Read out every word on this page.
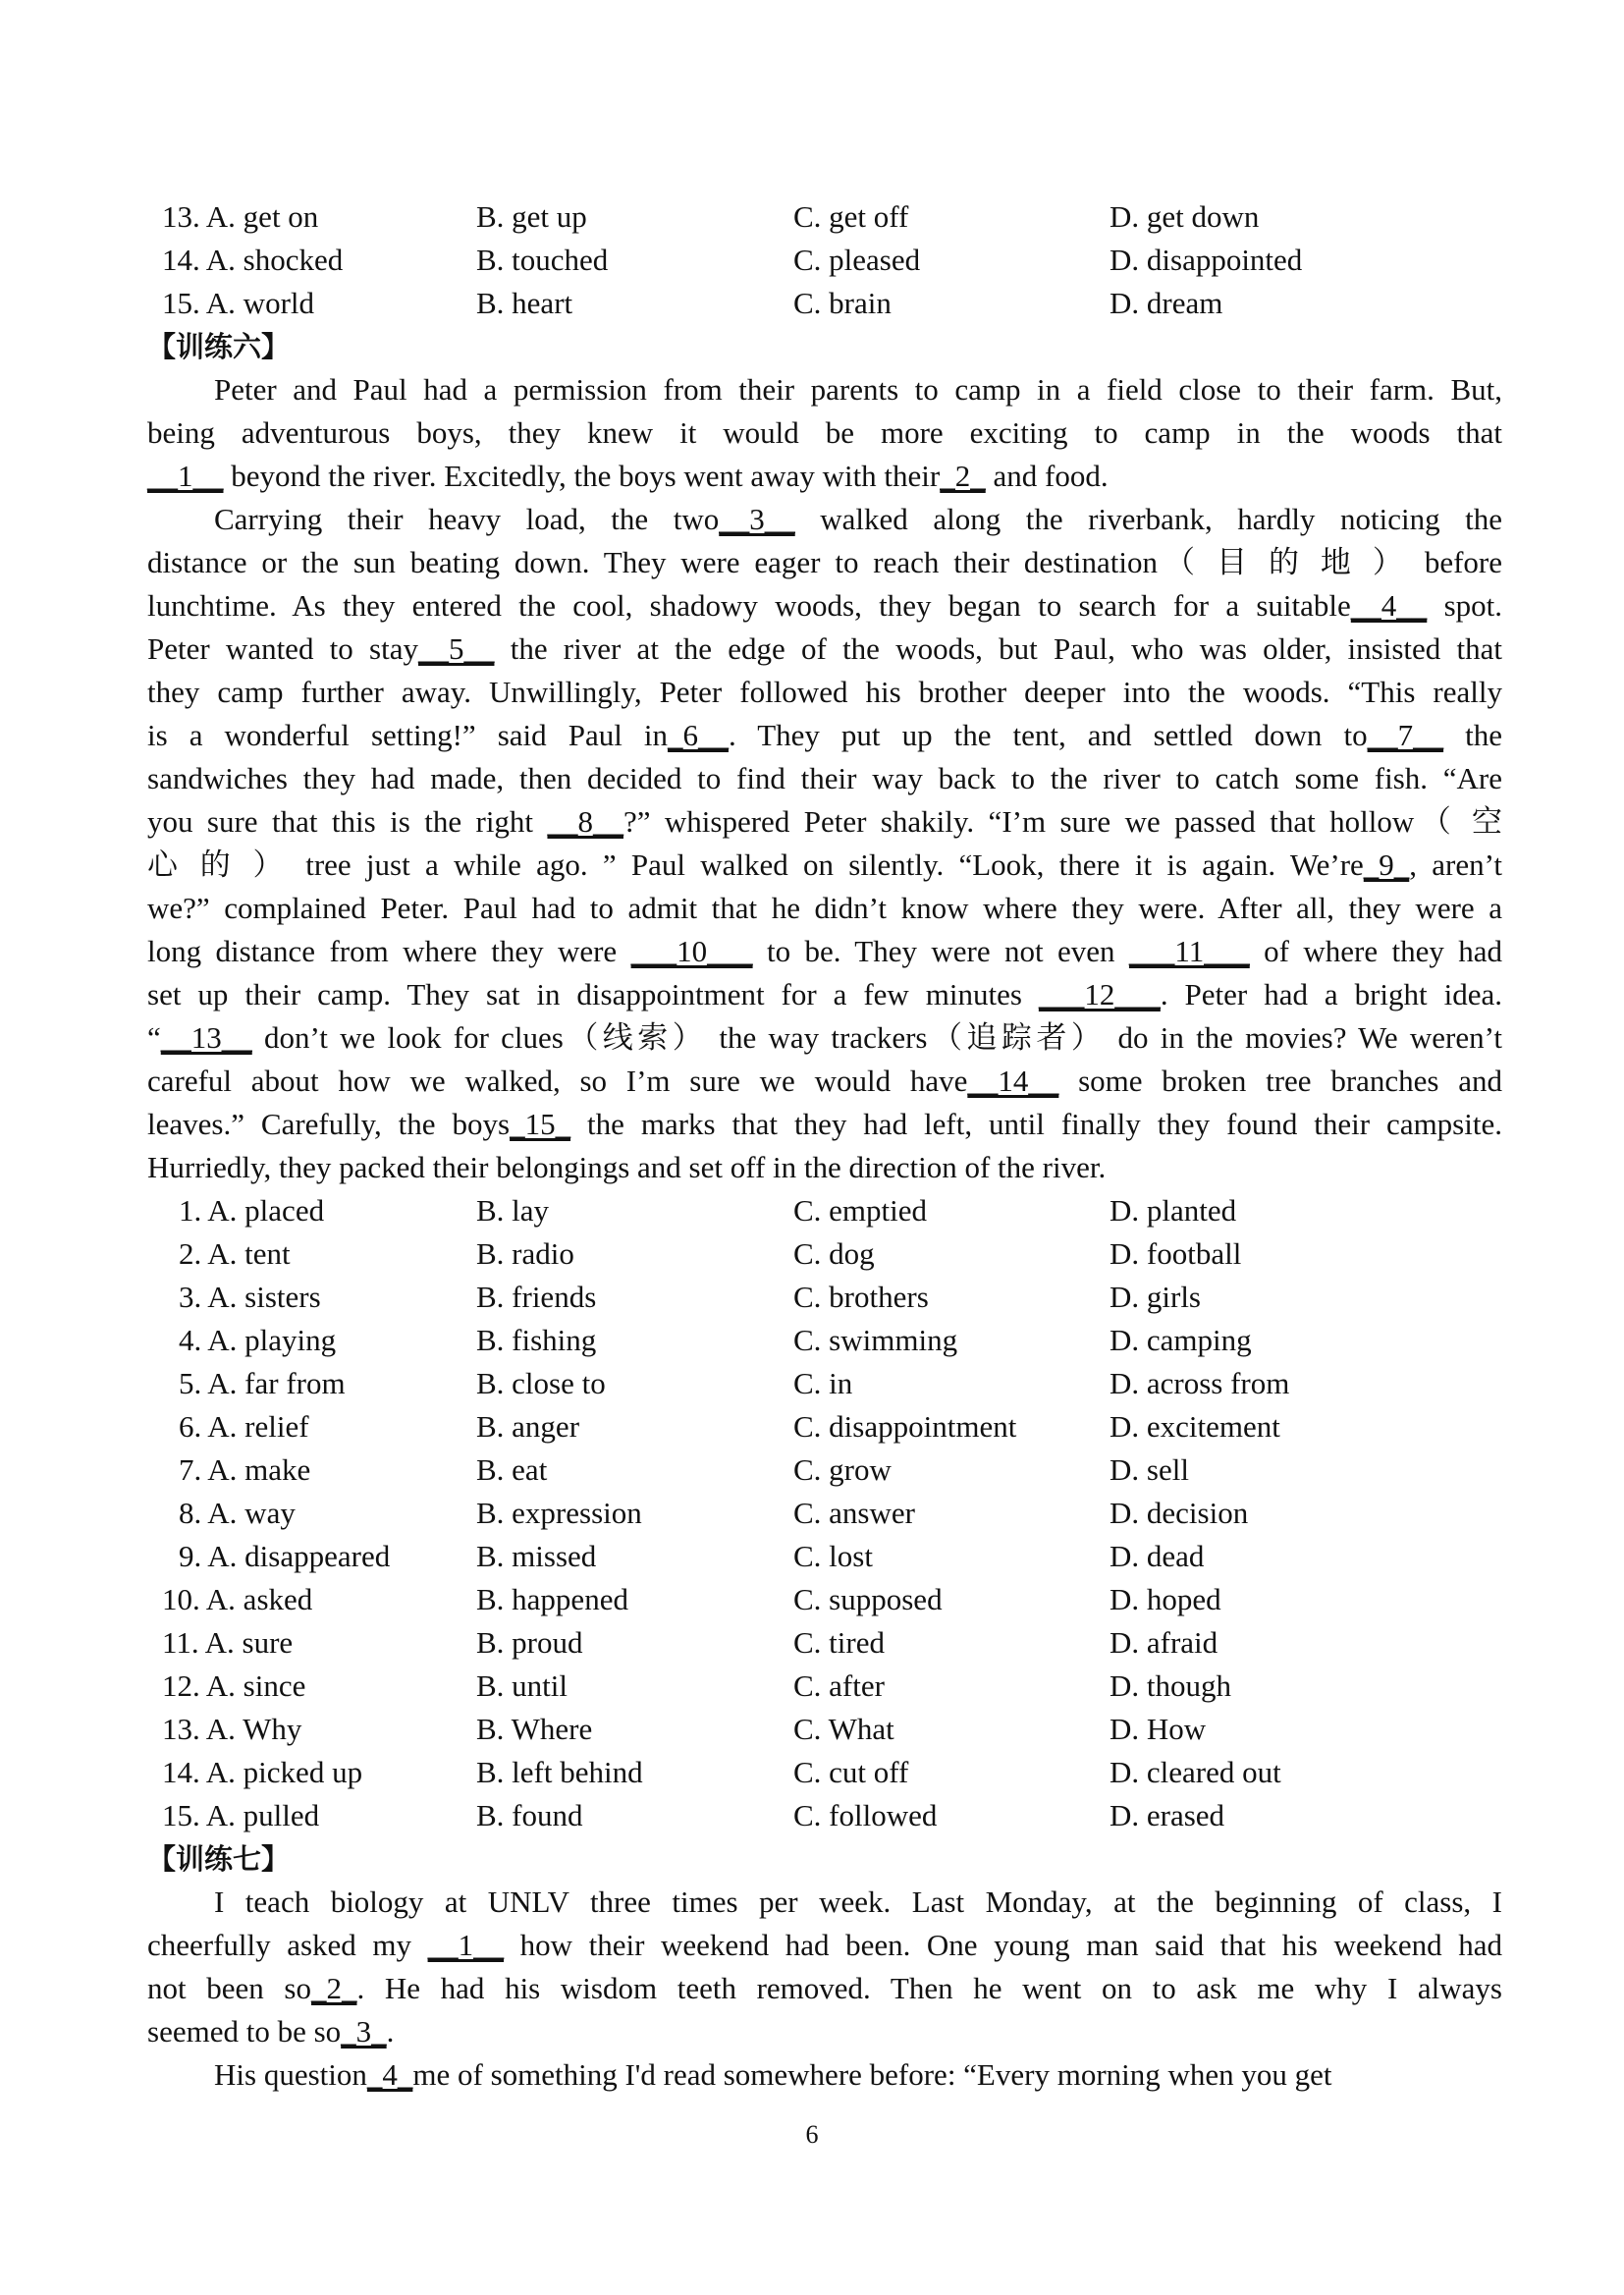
13. A. get on	B. get up	C. get off	D. get down
14. A. shocked	B. touched	C. pleased	D. disappointed
15. A. world	B. heart	C. brain	D. dream
【训练六】
Peter and Paul had a permission from their parents to camp in a field close to their farm. But,
being adventurous boys, they knew it would be more exciting to camp in the woods that
__1__ beyond the river. Excitedly, the boys went away with their_2_ and food.
Carrying their heavy load, the two__3__ walked along the riverbank, hardly noticing the
distance or the sun beating down. They were eager to reach their destination（ 目 的 地 ） before
lunchtime. As they entered the cool, shadowy woods, they began to search for a suitable__4__ spot.
Peter wanted to stay__5__ the river at the edge of the woods, but Paul, who was older, insisted that
they camp further away. Unwillingly, Peter followed his brother deeper into the woods. “This really
is a wonderful setting!” said Paul in_6__. They put up the tent, and settled down to__7__ the
sandwiches they had made, then decided to find their way back to the river to catch some fish. “Are
you sure that this is the right __8__?” whispered Peter shakily. “I’m sure we passed that hollow（ 空
心 的 ） tree just a while ago. ” Paul walked on silently. “Look, there it is again. We’re_9_, aren’t
we?” complained Peter. Paul had to admit that he didn’t know where they were. After all, they were a
long distance from where they were ___10___ to be. They were not even ___11___ of where they had
set up their camp. They sat in disappointment for a few minutes ___12___. Peter had a bright idea.
“__13__ don’t we look for clues（线索） the way trackers（追踪者） do in the movies? We weren’t
careful about how we walked, so I’m sure we would have__14__ some broken tree branches and
leaves.” Carefully, the boys_15_ the marks that they had left, until finally they found their campsite.
Hurriedly, they packed their belongings and set off in the direction of the river.
1. A. placed	B. lay	C. emptied	D. planted
2. A. tent	B. radio	C. dog	D. football
3. A. sisters	B. friends	C. brothers	D. girls
4. A. playing	B. fishing	C. swimming	D. camping
5. A. far from	B. close to	C. in	D. across from
6. A. relief	B. anger	C. disappointment	D. excitement
7. A. make	B. eat	C. grow	D. sell
8. A. way	B. expression	C. answer	D. decision
9. A. disappeared	B. missed	C. lost	D. dead
10. A. asked	B. happened	C. supposed	D. hoped
11. A. sure	B. proud	C. tired	D. afraid
12. A. since	B. until	C. after	D. though
13. A. Why	B. Where	C. What	D. How
14. A. picked up	B. left behind	C. cut off	D. cleared out
15. A. pulled	B. found	C. followed	D. erased
【训练七】
I teach biology at UNLV three times per week. Last Monday, at the beginning of class, I
cheerfully asked my __1__ how their weekend had been. One young man said that his weekend had
not been so_2_. He had his wisdom teeth removed. Then he went on to ask me why I always
seemed to be so_3_.
His question_4_me of something I'd read somewhere before: “Every morning when you get
6
